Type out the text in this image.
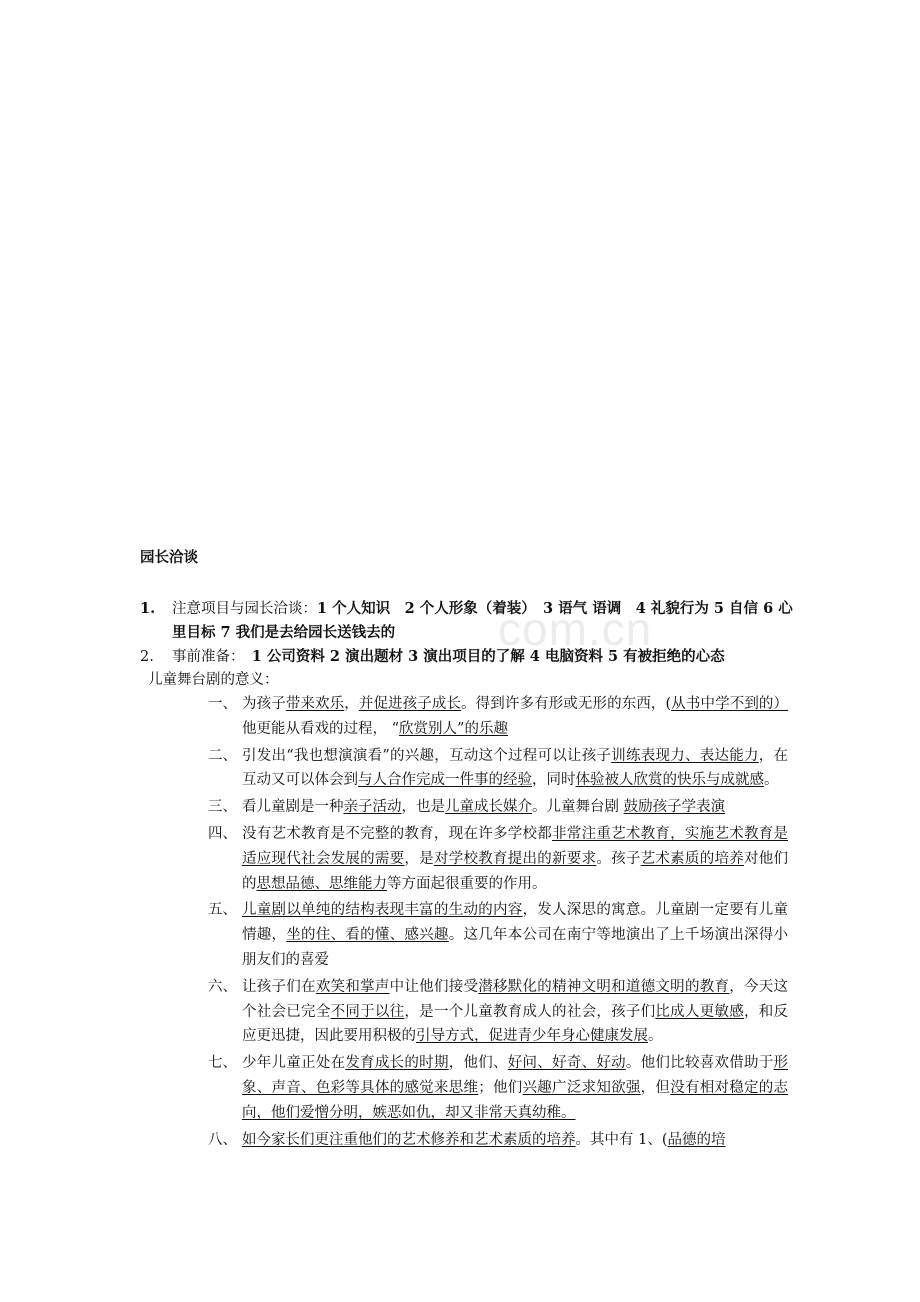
com.cn
园长洽谈
1.	注意项目与园长洽谈：1 个人知识　2 个人形象（着装）　3 语气 语调　4 礼貌行为 5 自信 6 心里目标 7 我们是去给园长送钱去的
2.	事前准备：　1 公司资料 2 演出题材 3 演出项目的了解 4 电脑资料 5 有被拒绝的心态
儿童舞台剧的意义：
一、 为孩子带来欢乐，并促进孩子成长。得到许多有形或无形的东西，(从书中学不到的）他更能从看戏的过程， “欣赏别人”的乐趣
二、 引发出“我也想演演看”的兴趣，互动这个过程可以让孩子训练表现力、表达能力，在互动又可以体会到与人合作完成一件事的经验，同时体验被人欣赏的快乐与成就感。
三、 看儿童剧是一种亲子活动，也是儿童成长媒介。儿童舞台剧 鼓励孩子学表演
四、 没有艺术教育是不完整的教育，现在许多学校都非常注重艺术教育，实施艺术教育是适应现代社会发展的需要，是对学校教育提出的新要求。孩子艺术素质的培养对他们的思想品德、思维能力等方面起很重要的作用。
五、 儿童剧以单纯的结构表现丰富的生动的内容，发人深思的寓意。儿童剧一定要有儿童情趣，坐的住、看的懂、感兴趣。这几年本公司在南宁等地演出了上千场演出深得小朋友们的喜爱
六、 让孩子们在欢笑和掌声中让他们接受潜移默化的精神文明和道德文明的教育，今天这个社会已完全不同于以往，是一个儿童教育成人的社会，孩子们比成人更敏感，和反应更迅捷，因此要用积极的引导方式，促进青少年身心健康发展。
七、 少年儿童正处在发育成长的时期，他们、好问、好奇、好动。他们比较喜欢借助于形象、声音、色彩等具体的感觉来思维；他们兴趣广泛求知欲强，但没有相对稳定的志向，他们爱憎分明，嫉恶如仇，却又非常天真幼稚。
八、 如今家长们更注重他们的艺术修养和艺术素质的培养。其中有 1、(品德的培
